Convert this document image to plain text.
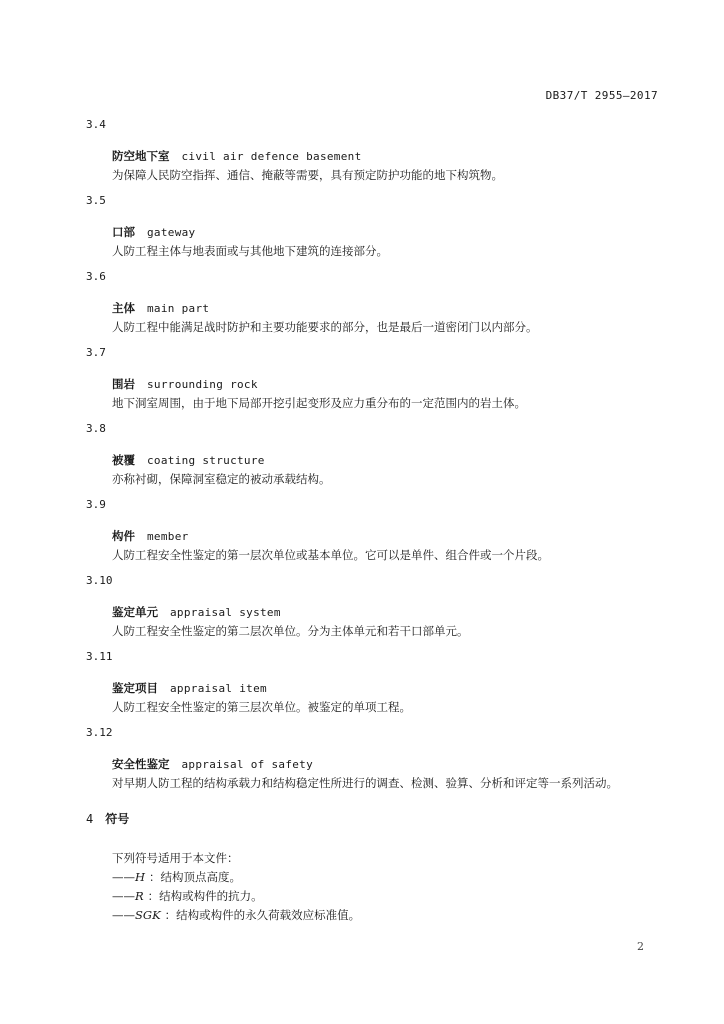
DB37/T 2955—2017
3.4
防空地下室 civil air defence basement
为保障人民防空指挥、通信、掩蔽等需要，具有预定防护功能的地下构筑物。
3.5
口部 gateway
人防工程主体与地表面或与其他地下建筑的连接部分。
3.6
主体 main part
人防工程中能满足战时防护和主要功能要求的部分，也是最后一道密闭门以内部分。
3.7
围岩 surrounding rock
地下洞室周围，由于地下局部开挖引起变形及应力重分布的一定范围内的岩土体。
3.8
被覆 coating structure
亦称衬砌，保障洞室稳定的被动承载结构。
3.9
构件 member
人防工程安全性鉴定的第一层次单位或基本单位。它可以是单件、组合件或一个片段。
3.10
鉴定单元 appraisal system
人防工程安全性鉴定的第二层次单位。分为主体单元和若干口部单元。
3.11
鉴定项目 appraisal item
人防工程安全性鉴定的第三层次单位。被鉴定的单项工程。
3.12
安全性鉴定 appraisal of safety
对早期人防工程的结构承载力和结构稳定性所进行的调查、检测、验算、分析和评定等一系列活动。
4 符号
下列符号适用于本文件：
——H ：结构顶点高度。
——R ：结构或构件的抗力。
——SGK ：结构或构件的永久荷载效应标准值。
2
